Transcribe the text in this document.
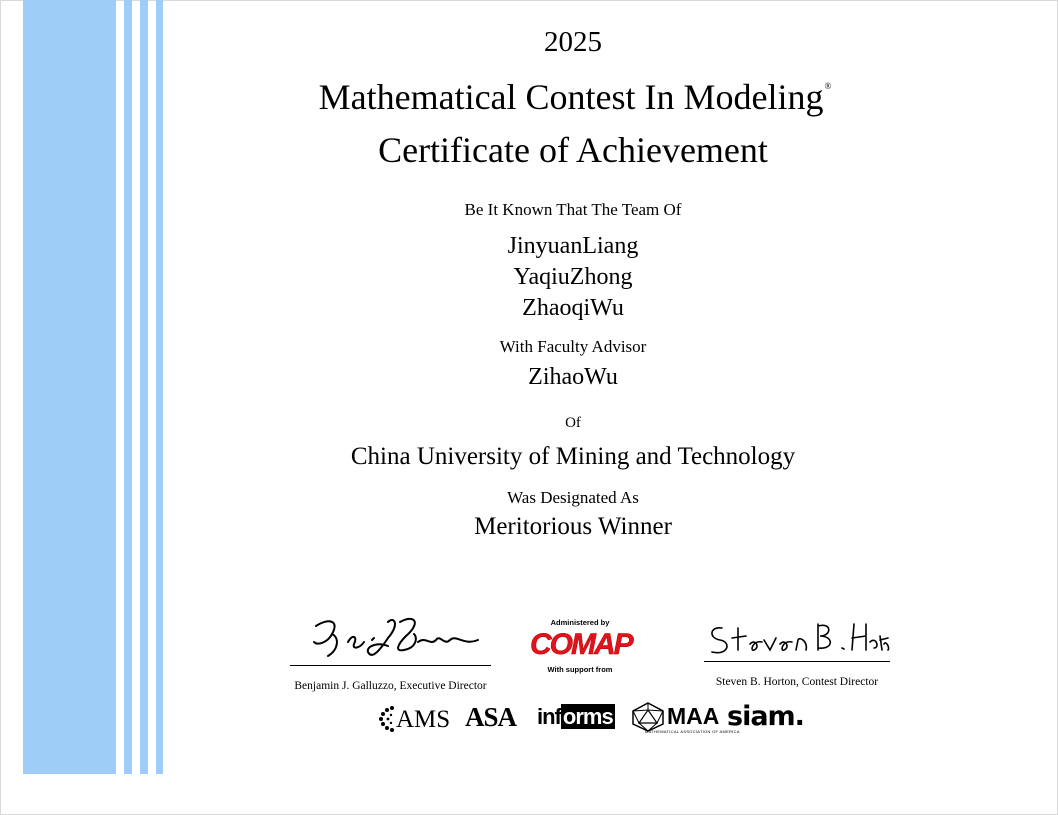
2025
Mathematical Contest In Modeling®
Certificate of Achievement
Be It Known That The Team Of
JinyuanLiang
YaqiuZhong
ZhaoqiWu
With Faculty Advisor
ZihaoWu
Of
China University of Mining and Technology
Was Designated As
Meritorious Winner
Benjamin J. Galluzzo, Executive Director
Administered by
COMAP
With support from
Steven B. Horton, Contest Director
AMS ASA informs MAA
MATHEMATICAL ASSOCIATION OF AMERICA
siam.
